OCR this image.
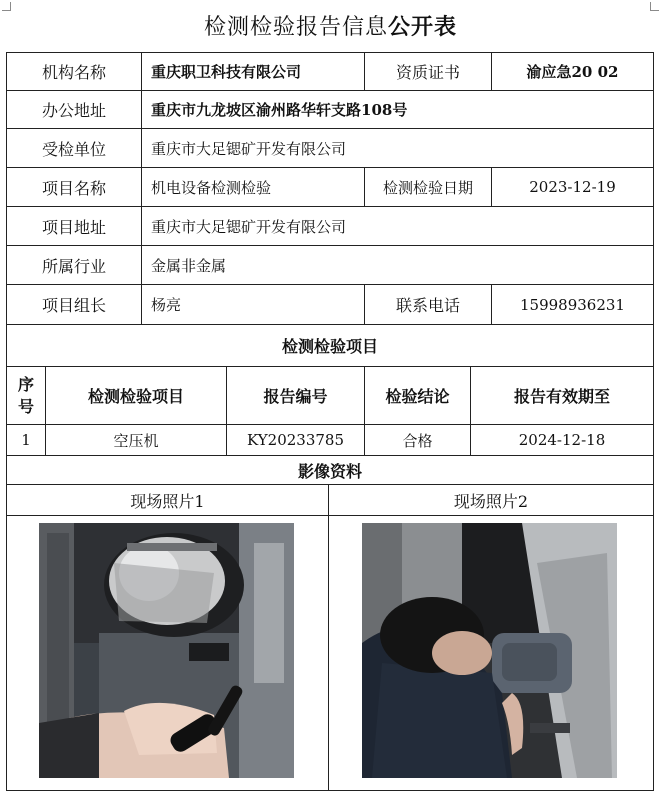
检测检验报告信息公开表
机构名称	重庆职卫科技有限公司	资质证书	渝应急20 02
办公地址	重庆市九龙坡区渝州路华轩支路108号
受检单位	重庆市大足锶矿开发有限公司
项目名称	机电设备检测检验	检测检验日期	2023-12-19
项目地址	重庆市大足锶矿开发有限公司
所属行业	金属非金属
项目组长	杨亮	联系电话	15998936231
检测检验项目
序号	检测检验项目	报告编号	检验结论	报告有效期至
1	空压机	KY20233785	合格	2024-12-18
影像资料
现场照片1	现场照片2
